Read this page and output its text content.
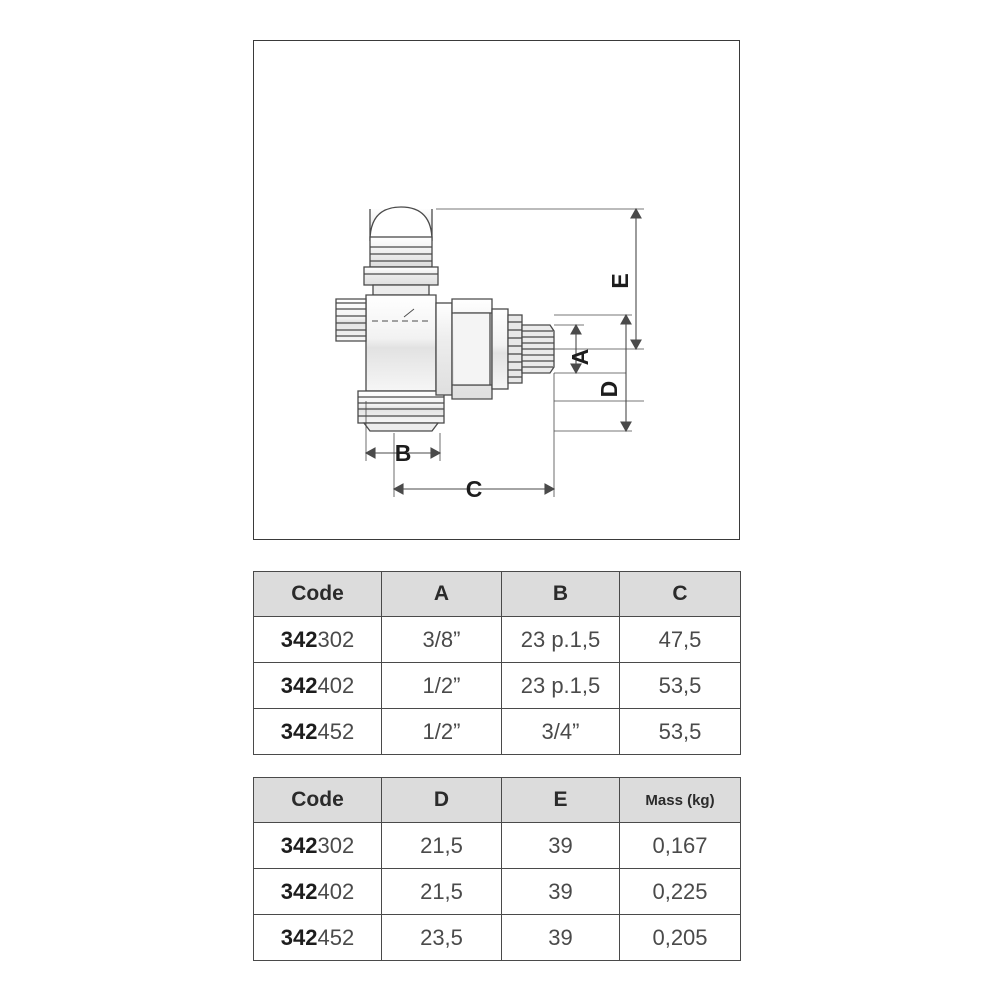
A
D
E
B
C
Code	A	B	C
342302	3/8”	23 p.1,5	47,5
342402	1/2”	23 p.1,5	53,5
342452	1/2”	3/4”	53,5
Code	D	E	Mass (kg)
342302	21,5	39	0,167
342402	21,5	39	0,225
342452	23,5	39	0,205
